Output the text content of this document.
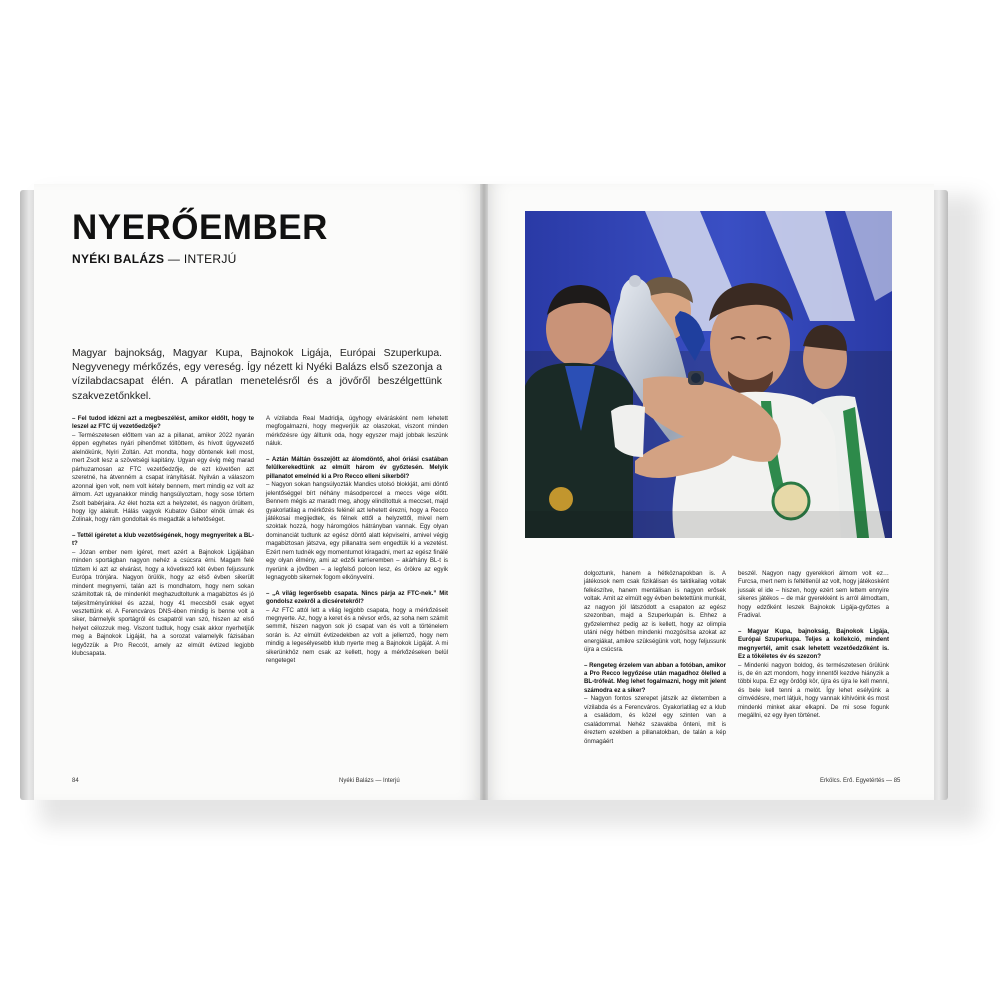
NYERŐEMBER
NYÉKI BALÁZS — INTERJÚ

Magyar bajnokság, Magyar Kupa, Bajnokok Ligája, Európai Szuperkupa. Negyvenegy mérkőzés, egy vereség. Így nézett ki Nyéki Balázs első szezonja a vízilabdacsapat élén. A páratlan menetelésről és a jövőről beszélgettünk szakvezetőnkkel.

– Fel tudod idézni azt a megbeszélést, amikor eldőlt, hogy te leszel az FTC új vezetőedzője?

– Természetesen előttem van az a pillanat, amikor 2022 nyarán éppen egyhetes nyári pihenőmet töltöttem, és hívott ügyvezető alelnökünk, Nyíri Zoltán. Azt mondta, hogy döntenek kell most, mert Zsolt lesz a szövetségi kapitány. Ugyan egy évig még marad párhuzamosan az FTC vezetőedzője, de ezt követően azt szeretné, ha átvenném a csapat irányítását. Nyilván a válaszom azonnal igen volt, nem volt kétely bennem, mert mindig ez volt az álmom. Azt ugyanakkor mindig hangsúlyoztam, hogy sose törtem Zsolt babérjaira. Az élet hozta ezt a helyzetet, és nagyon örültem, hogy így alakult. Hálás vagyok Kubatov Gábor elnök úrnak és Zolinak, hogy rám gondoltak és megadták a lehetőséget.

– Tettél ígéretet a klub vezetőségének, hogy megnyeritek a BL-t?

– Józan ember nem ígéret, mert azért a Bajnokok Ligájában minden sportágban nagyon nehéz a csúcsra érni. Magam felé tűztem ki azt az elvárást, hogy a következő két évben feljussunk Európa trónjára. Nagyon örülök, hogy az első évben sikerült mindent megnyerni, talán azt is mondhatom, hogy nem sokan számítottak rá, de mindenkit meghazudtoltunk a magabiztos és jó teljesítményünkkel és azzal, hogy 41 meccsből csak egyet vesztettünk el. A Ferencváros DNS-ében mindig is benne volt a siker, bármelyik sportágról és csapatról van szó, hiszen az első helyet célozzuk meg. Viszont tudtuk, hogy csak akkor nyerhetjük meg a Bajnokok Ligáját, ha a sorozat valamelyik fázisában legyőzzük a Pro Reccót, amely az elmúlt évtized legjobb klubcsapata.

A vízilabda Real Madridja, úgyhogy elvárásként nem lehetett megfogalmazni, hogy megverjük az olaszokat, viszont minden mérkőzésre úgy álltunk oda, hogy egyszer majd jobbak leszünk náluk.

– Aztán Máltán összejött az álomdöntő, ahol óriási csatában felülkerekedtünk az elmúlt három év győztesén. Melyik pillanatot emelnéd ki a Pro Recco elleni sikerből?

– Nagyon sokan hangsúlyozták Mandics utolsó blokkját, ami döntő jelentőséggel bírt néhány másodperccel a meccs vége előtt. Bennem mégis az maradt meg, ahogy elindítottuk a meccset, majd gyakorlatilag a mérkőzés felénél azt lehetett érezni, hogy a Recco játékosai megijedtek, és félnek ettől a helyzettől, mivel nem szoktak hozzá, hogy háromgólos hátrányban vannak. Egy olyan dominanciát tudtunk az egész döntő alatt képviselni, amivel végig magabiztosan játszva, egy pillanatra sem engedtük ki a vezetést. Ezért nem tudnék egy momentumot kiragadni, mert az egész finálé egy olyan élmény, ami az edzői karrieremben – akárhány BL-t is nyerünk a jövőben – a legfelső polcon lesz, és örökre az egyik legnagyobb sikernek fogom elkönyvelni.

– „A világ legerősebb csapata. Nincs párja az FTC-nek.” Mit gondolsz ezekről a dicséretekről?

– Az FTC attól lett a világ legjobb csapata, hogy a mérkőzéseit megnyerte. Az, hogy a keret és a névsor erős, az soha nem számít semmit, hiszen nagyon sok jó csapat van és volt a történelem során is. Az elmúlt évtizedekben az volt a jellemző, hogy nem mindig a legesélyesebb klub nyerte meg a Bajnokok Ligáját. A mi sikerünkhöz nem csak az kellett, hogy a mérkőzéseken belül rengeteget

84	Nyéki Balázs — Interjú

dolgoztunk, hanem a hétköznapokban is. A játékosok nem csak fizikálisan és taktikailag voltak felkészítve, hanem mentálisan is nagyon erősek voltak. Amit az elmúlt egy évben beletettünk munkát, az nagyon jól látszódott a csapaton az egész szezonban, majd a Szuperkupán is. Ehhez a győzelemhez pedig az is kellett, hogy az olimpia utáni négy hétben mindenki mozgósítsa azokat az energiákat, amikre szükségünk volt, hogy feljussunk újra a csúcsra.

– Rengeteg érzelem van abban a fotóban, amikor a Pro Recco legyőzése után magadhoz ölelled a BL-trófeát. Meg lehet fogalmazni, hogy mit jelent számodra ez a siker?

– Nagyon fontos szerepet játszik az életemben a vízilabda és a Ferencváros. Gyakorlatilag ez a klub a családom, és közel egy szinten van a családommal. Nehéz szavakba önteni, mit is éreztem ezekben a pillanatokban, de talán a kép önmagáért

beszél. Nagyon nagy gyerekkori álmom volt ez… Furcsa, mert nem is feltétlenül az volt, hogy játékosként jussak el ide – hiszen, hogy ezért sem lettem ennyire sikeres játékos – de már gyerekként is arról álmodtam, hogy edzőként leszek Bajnokok Ligája-győztes a Fradival.

– Magyar Kupa, bajnokság, Bajnokok Ligája, Európai Szuperkupa. Teljes a kollekció, mindent megnyertél, amit csak lehetett vezetőedzőként is. Ez a tökéletes év és szezon?

– Mindenki nagyon boldog, és természetesen örülünk is, de én azt mondom, hogy innentől kezdve hiányzik a többi kupa. Ez egy ördögi kör, újra és újra le kell menni, és bele kell tenni a melót. Így lehet esélyünk a címvédésre, mert látjuk, hogy vannak kihívóink és most mindenki minket akar elkapni. De mi sose fogunk megállni, ez egy ilyen történet.

Erkölcs. Erő. Egyetértés — 85
